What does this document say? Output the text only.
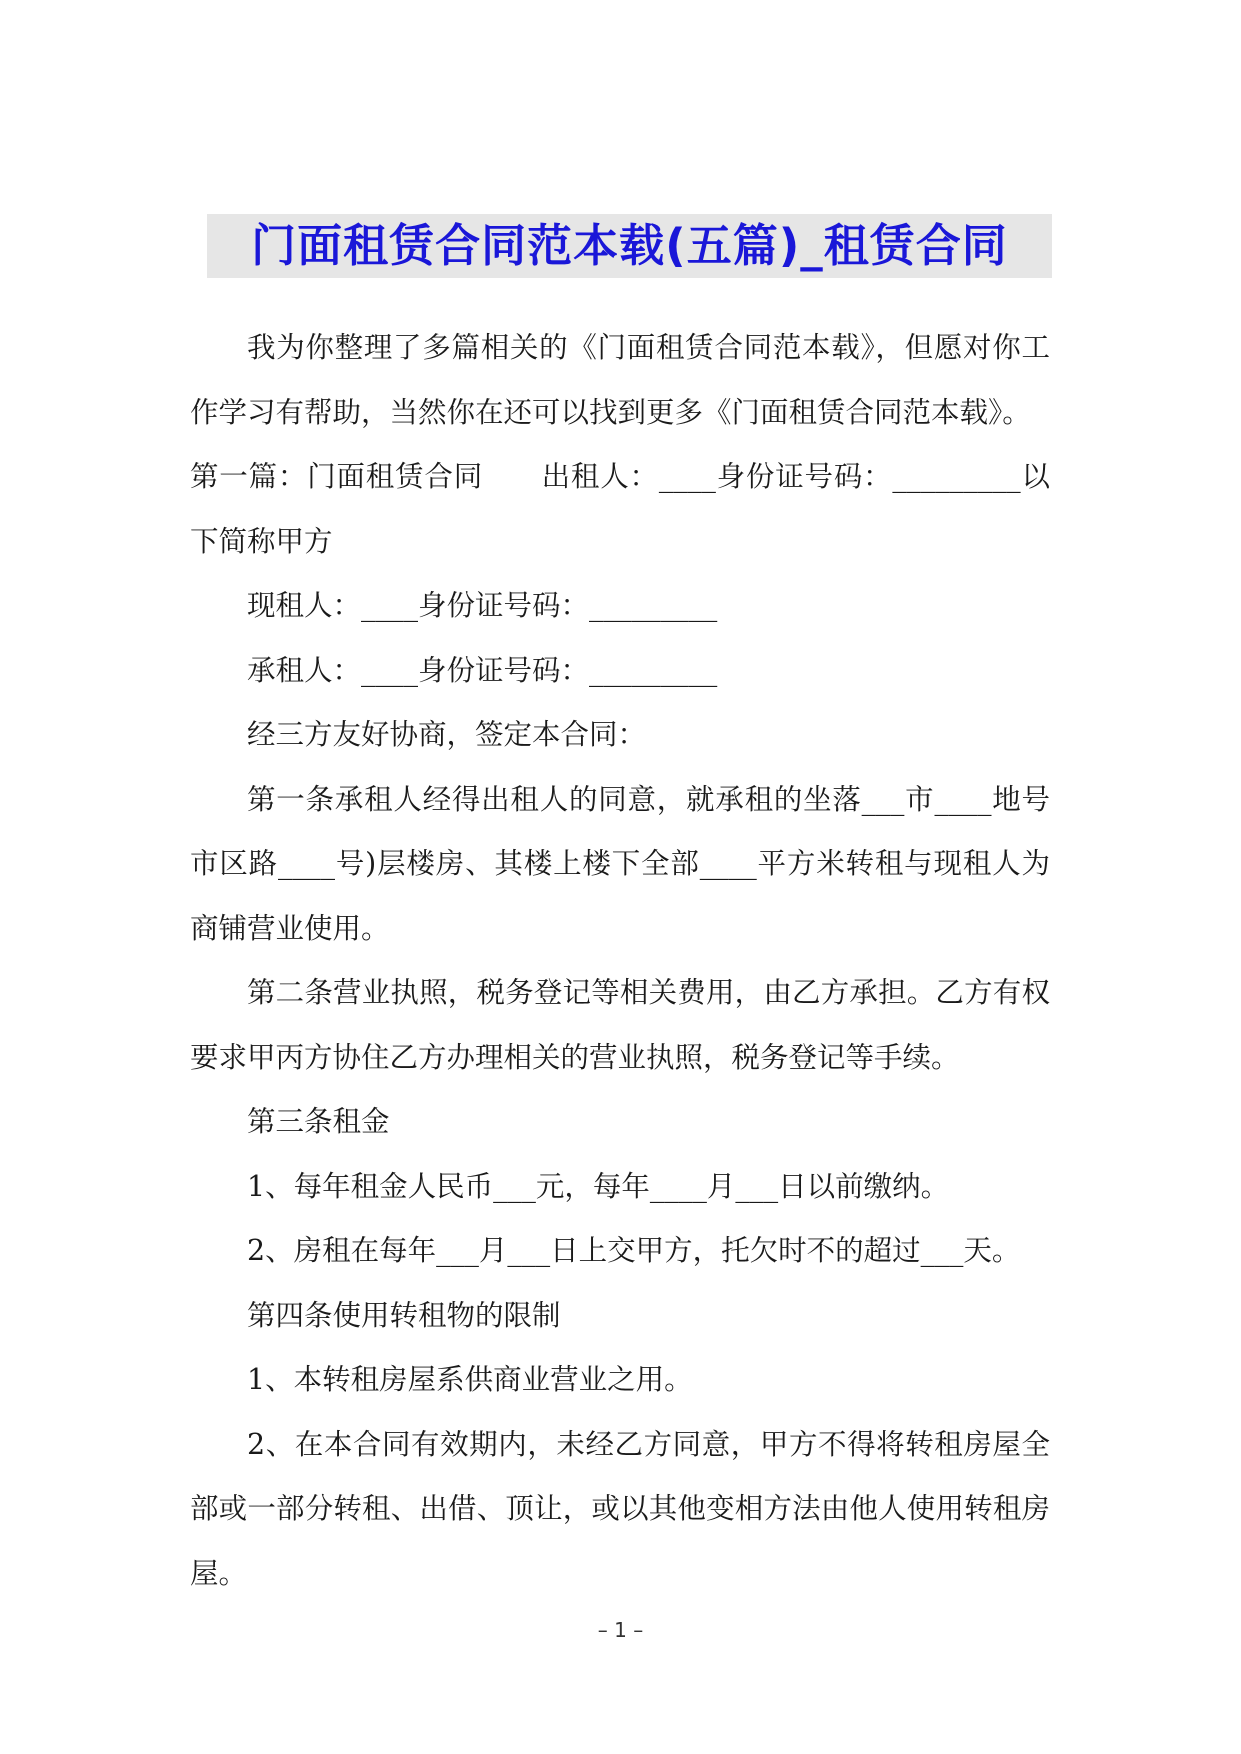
门面租赁合同范本载(五篇)_租赁合同

我为你整理了多篇相关的《门面租赁合同范本载》，但愿对你工作学习有帮助，当然你在还可以找到更多《门面租赁合同范本载》。

第一篇：门面租赁合同　　出租人：____身份证号码：_________以下简称甲方

现租人：____身份证号码：_________

承租人：____身份证号码：_________

经三方友好协商，签定本合同：

第一条承租人经得出租人的同意，就承租的坐落___市____地号市区路____号)层楼房、其楼上楼下全部____平方米转租与现租人为商铺营业使用。

第二条营业执照，税务登记等相关费用，由乙方承担。乙方有权要求甲丙方协住乙方办理相关的营业执照，税务登记等手续。

第三条租金

1、每年租金人民币___元，每年____月___日以前缴纳。

2、房租在每年___月___日上交甲方，托欠时不的超过___天。

第四条使用转租物的限制

1、本转租房屋系供商业营业之用。

2、在本合同有效期内，未经乙方同意，甲方不得将转租房屋全部或一部分转租、出借、顶让，或以其他变相方法由他人使用转租房屋。

– 1 –
